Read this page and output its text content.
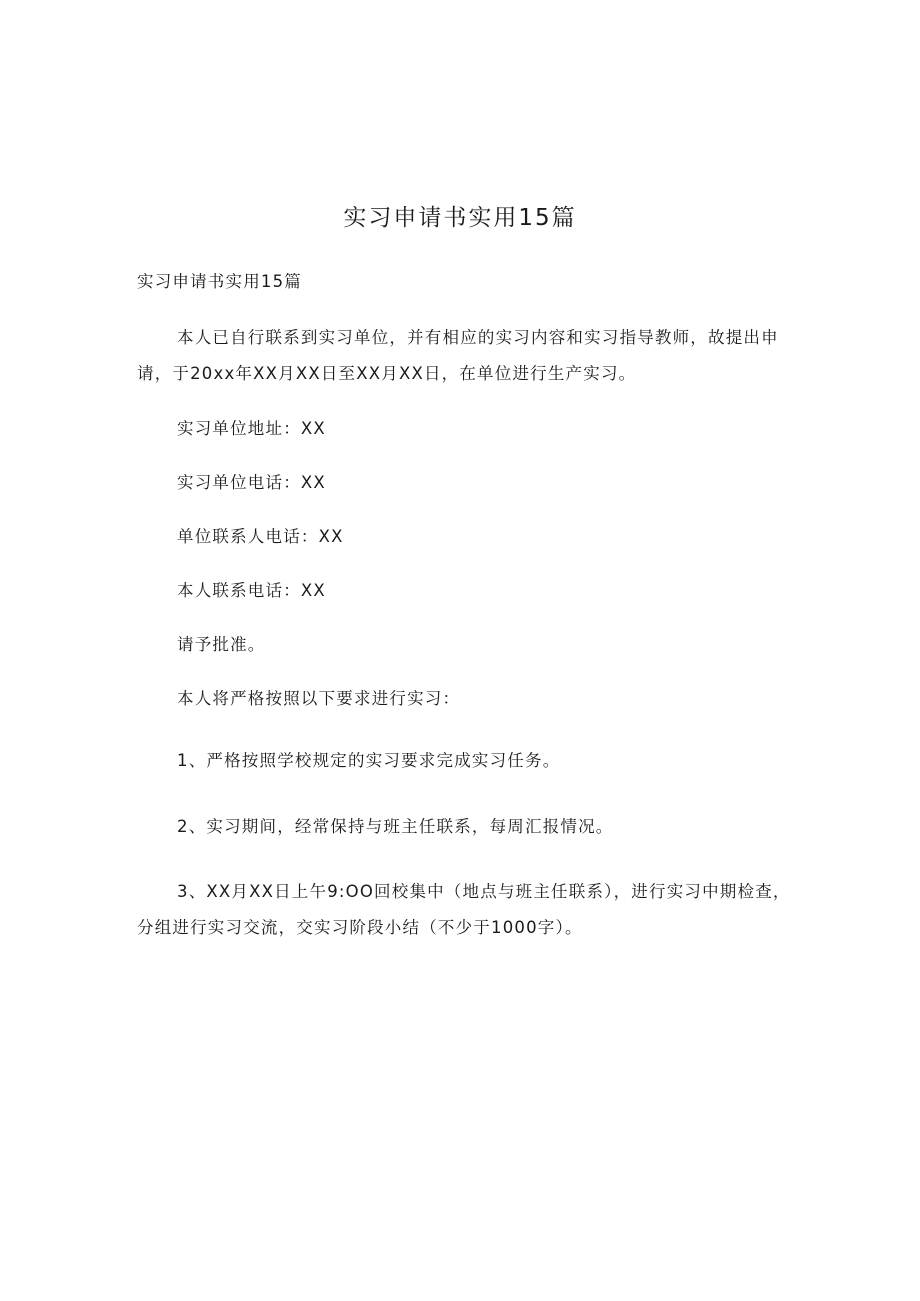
实习申请书实用15篇

实习申请书实用15篇

本人已自行联系到实习单位，并有相应的实习内容和实习指导教师，故提出申请，于20xx年XX月XX日至XX月XX日，在单位进行生产实习。

实习单位地址：XX

实习单位电话：XX

单位联系人电话：XX

本人联系电话：XX

请予批准。

本人将严格按照以下要求进行实习：

1、严格按照学校规定的实习要求完成实习任务。

2、实习期间，经常保持与班主任联系，每周汇报情况。

3、XX月XX日上午9:OO回校集中（地点与班主任联系），进行实习中期检查，分组进行实习交流，交实习阶段小结（不少于1000字）。
